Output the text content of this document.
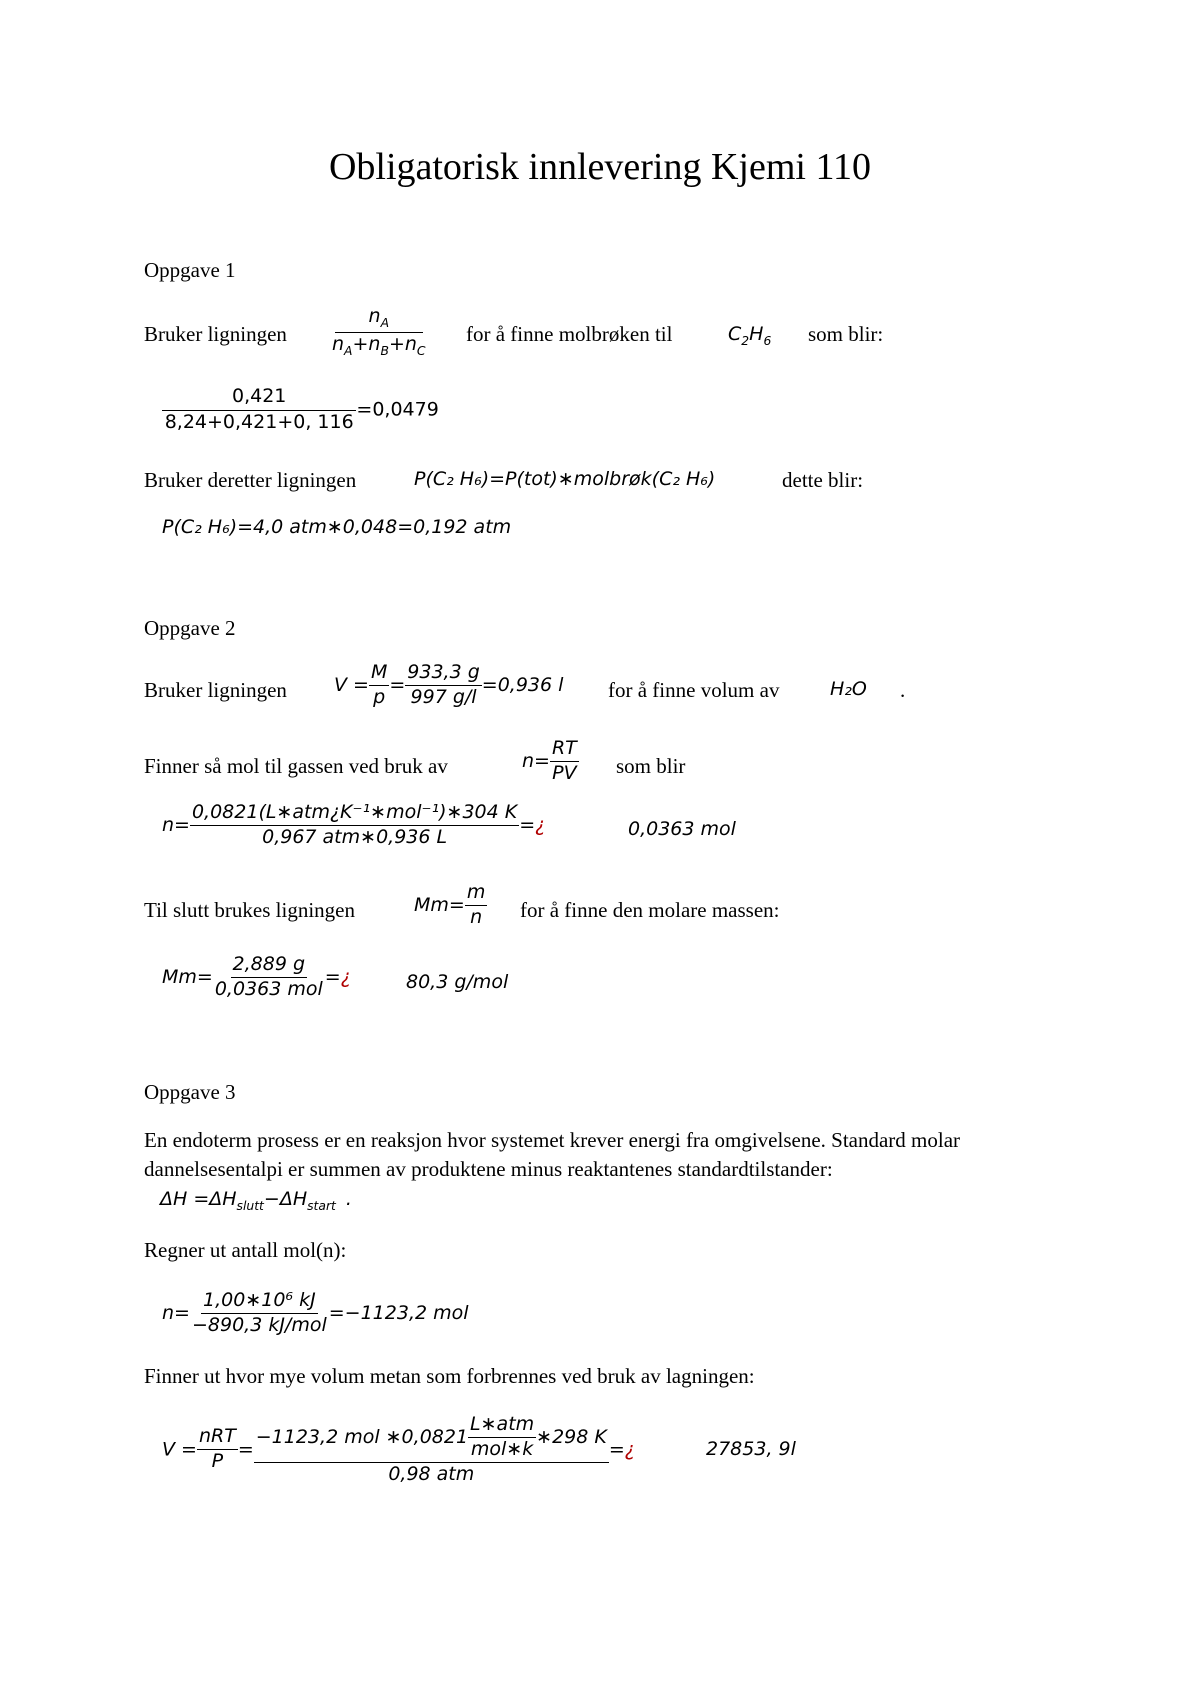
Obligatorisk innlevering Kjemi 110
Oppgave 1
Bruker ligningen $\frac{n_A}{n_A+n_B+n_C}$ for å finne molbrøken til	$C_2H_6$ som blir:
$\frac{0,421}{8,24+0,421+0, 116} =0,0479$
Bruker deretter ligningen	P(C₂ H₆)=P(tot)∗molbrøk(C₂ H₆)	dette blir:
P(C₂ H₆)=4,0 atm∗0,048=0,192 atm
Oppgave 2
Bruker ligningen $V = \frac{M}{p} = \frac{933,3 g}{997 g/l} =0,936$ l for å finne volum av	H₂O .
Finner så mol til gassen ved bruk av	$n= \frac{RT}{PV}$ som blir
$n= \frac{\text{0,0821(L∗atm¿K⁻¹∗mol⁻¹)∗304 K}}{\text{0,967 atm∗0,936 L}}$ =¿	0,0363 mol
Til slutt brukes ligningen	$Mm= \frac{m}{n}$ for å finne den molare massen:
$Mm= \frac{2,889 g}{\text{0,0363 mol}}$ =¿	80,3 g/mol
Oppgave 3
En endoterm prosess er en reaksjon hvor systemet krever energi fra omgivelsene. Standard molar dannelsesentalpi er summen av produktene minus reaktantenes standardtilstander:
$\Delta H =\Delta H_{slutt}-\Delta H_{start}$ .
Regner ut antall mol(n):
$n= \frac{\text{1,00∗10⁶ kJ}}{\text{−890,3 kJ/mol}} =-1123,2$ mol
Finner ut hvor mye volum metan som forbrennes ved bruk av lagningen:
$V = \frac{\text{nRT}}{P} = \frac{-1123,2 mol ∗0,0821 \frac{\text{L∗atm}}{\text{mol∗k}} ∗298 K}{\text{0,98 atm}}$ =¿	27853, 9l
